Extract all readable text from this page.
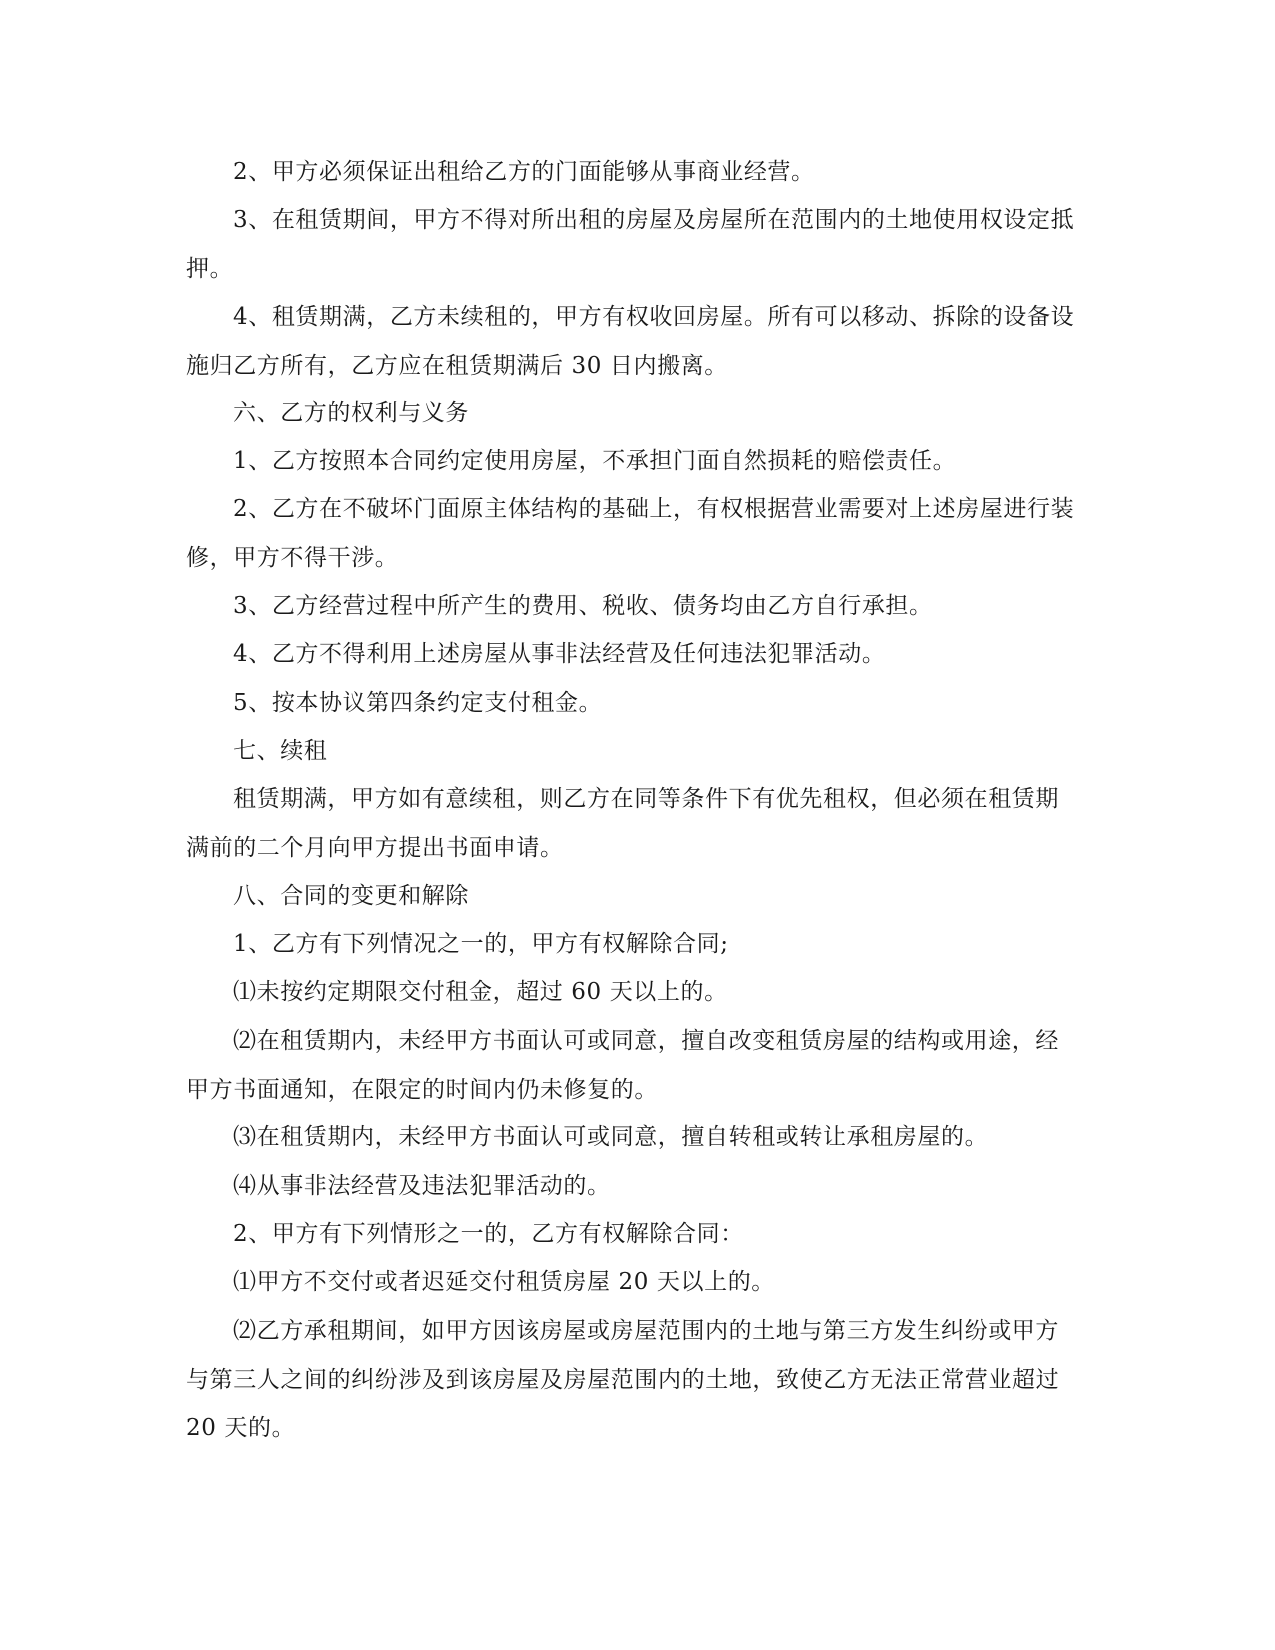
2、甲方必须保证出租给乙方的门面能够从事商业经营。

3、在租赁期间，甲方不得对所出租的房屋及房屋所在范围内的土地使用权设定抵押。

4、租赁期满，乙方未续租的，甲方有权收回房屋。所有可以移动、拆除的设备设施归乙方所有，乙方应在租赁期满后 30 日内搬离。

六、乙方的权利与义务

1、乙方按照本合同约定使用房屋，不承担门面自然损耗的赔偿责任。

2、乙方在不破坏门面原主体结构的基础上，有权根据营业需要对上述房屋进行装修，甲方不得干涉。

3、乙方经营过程中所产生的费用、税收、债务均由乙方自行承担。

4、乙方不得利用上述房屋从事非法经营及任何违法犯罪活动。

5、按本协议第四条约定支付租金。

七、续租

租赁期满，甲方如有意续租，则乙方在同等条件下有优先租权，但必须在租赁期满前的二个月向甲方提出书面申请。

八、合同的变更和解除

1、乙方有下列情况之一的，甲方有权解除合同;

⑴未按约定期限交付租金，超过 60 天以上的。

⑵在租赁期内，未经甲方书面认可或同意，擅自改变租赁房屋的结构或用途，经甲方书面通知，在限定的时间内仍未修复的。

⑶在租赁期内，未经甲方书面认可或同意，擅自转租或转让承租房屋的。

⑷从事非法经营及违法犯罪活动的。

2、甲方有下列情形之一的，乙方有权解除合同：

⑴甲方不交付或者迟延交付租赁房屋 20 天以上的。

⑵乙方承租期间，如甲方因该房屋或房屋范围内的土地与第三方发生纠纷或甲方与第三人之间的纠纷涉及到该房屋及房屋范围内的土地，致使乙方无法正常营业超过 20 天的。
